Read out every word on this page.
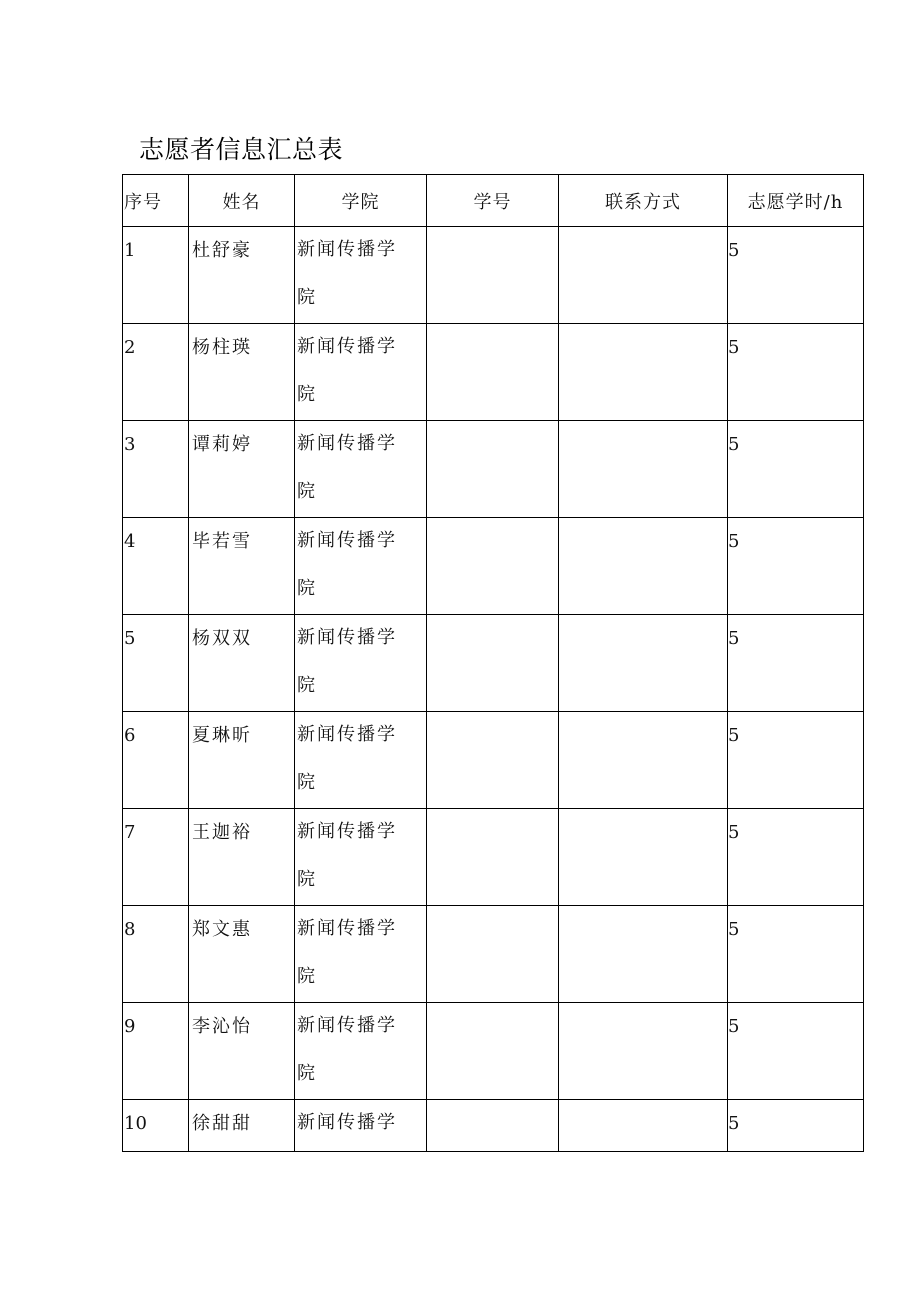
志愿者信息汇总表
序号	姓名	学院	学号	联系方式	志愿学时/h

1	杜舒豪	新闻传播学院			5

2	杨柱瑛	新闻传播学院			5

3	谭莉婷	新闻传播学院			5

4	毕若雪	新闻传播学院			5

5	杨双双	新闻传播学院			5

6	夏琳昕	新闻传播学院			5

7	王迦裕	新闻传播学院			5

8	郑文惠	新闻传播学院			5

9	李沁怡	新闻传播学院			5

10	徐甜甜	新闻传播学			5
